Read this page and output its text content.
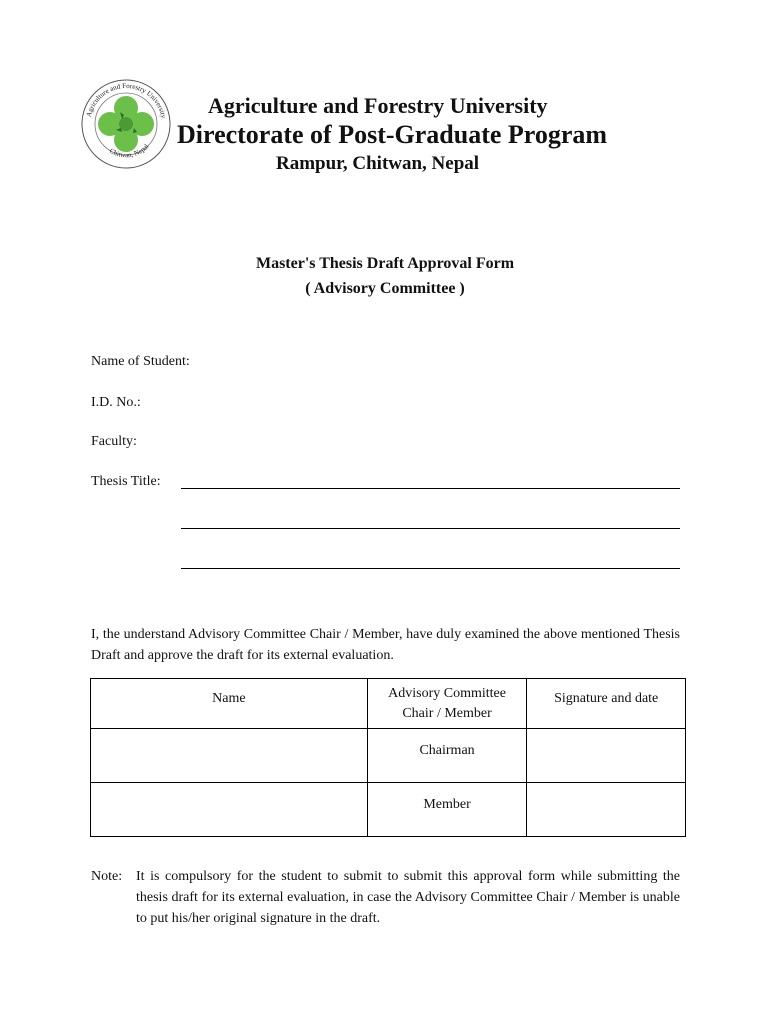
Agriculture and Forestry University
Chitwan, Nepal
Agriculture and Forestry University
Directorate of Post-Graduate Program
Rampur, Chitwan, Nepal
Master's Thesis Draft Approval Form
( Advisory Committee )
Name of Student:
I.D. No.:
Faculty:
Thesis Title:
I, the understand Advisory Committee Chair / Member, have duly examined the above mentioned Thesis Draft and approve the draft for its external evaluation.
Name	Advisory Committee Chair / Member	Signature and date
	Chairman	
	Member	
Note: It is compulsory for the student to submit to submit this approval form while submitting the thesis draft for its external evaluation, in case the Advisory Committee Chair / Member is unable to put his/her original signature in the draft.
